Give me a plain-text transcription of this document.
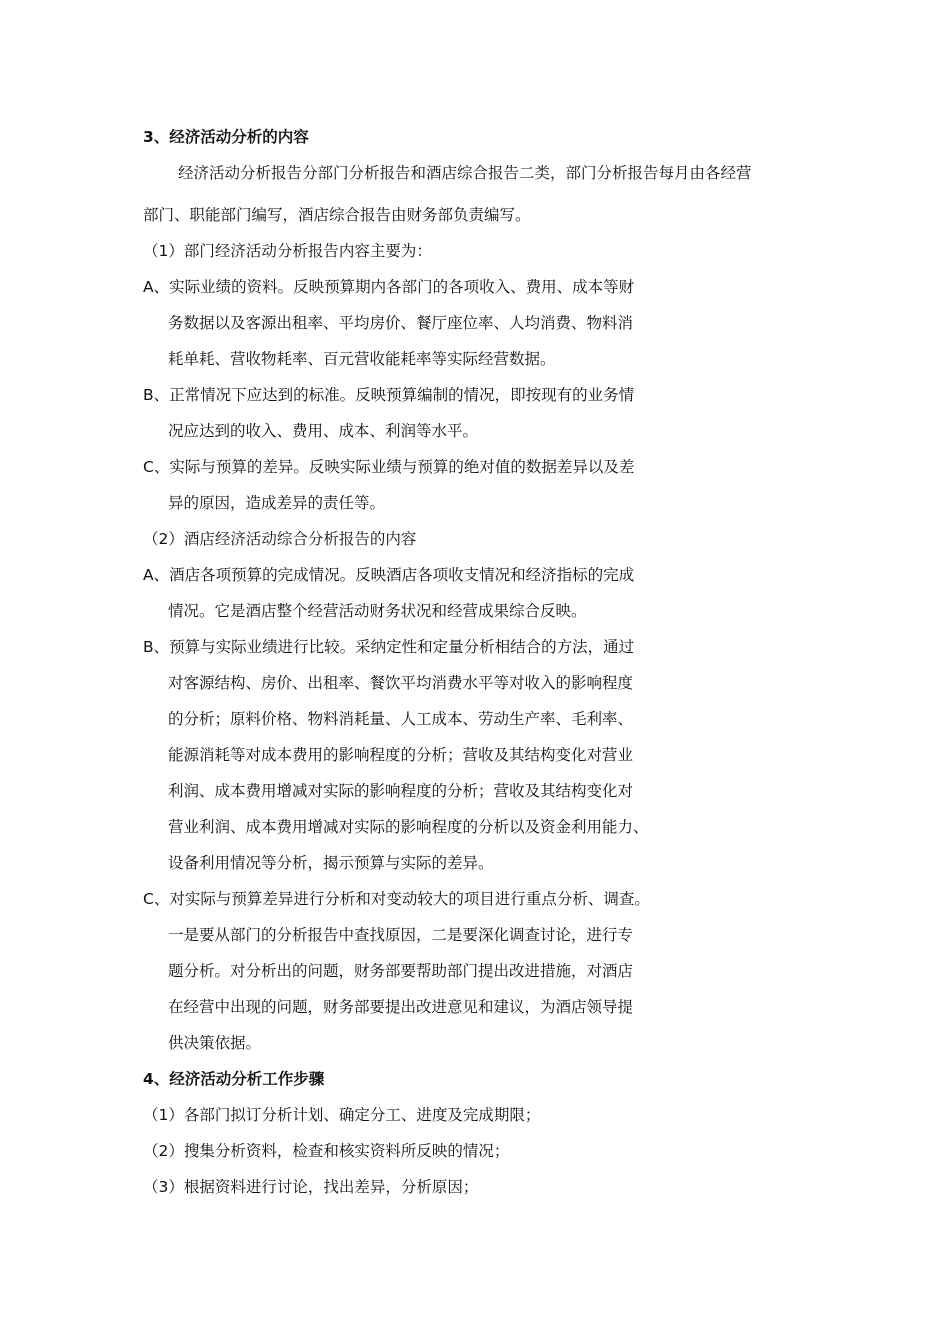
3、经济活动分析的内容
经济活动分析报告分部门分析报告和酒店综合报告二类，部门分析报告每月由各经营
部门、职能部门编写，酒店综合报告由财务部负责编写。
（1）部门经济活动分析报告内容主要为：
A、实际业绩的资料。反映预算期内各部门的各项收入、费用、成本等财
务数据以及客源出租率、平均房价、餐厅座位率、人均消费、物料消
耗单耗、营收物耗率、百元营收能耗率等实际经营数据。
B、正常情况下应达到的标准。反映预算编制的情况，即按现有的业务情
况应达到的收入、费用、成本、利润等水平。
C、实际与预算的差异。反映实际业绩与预算的绝对值的数据差异以及差
异的原因，造成差异的责任等。
（2）酒店经济活动综合分析报告的内容
A、酒店各项预算的完成情况。反映酒店各项收支情况和经济指标的完成
情况。它是酒店整个经营活动财务状况和经营成果综合反映。
B、预算与实际业绩进行比较。采纳定性和定量分析相结合的方法，通过
对客源结构、房价、出租率、餐饮平均消费水平等对收入的影响程度
的分析；原料价格、物料消耗量、人工成本、劳动生产率、毛利率、
能源消耗等对成本费用的影响程度的分析；营收及其结构变化对营业
利润、成本费用增减对实际的影响程度的分析；营收及其结构变化对
营业利润、成本费用增减对实际的影响程度的分析以及资金利用能力、
设备利用情况等分析，揭示预算与实际的差异。
C、对实际与预算差异进行分析和对变动较大的项目进行重点分析、调查。
一是要从部门的分析报告中查找原因，二是要深化调查讨论，进行专
题分析。对分析出的问题，财务部要帮助部门提出改进措施，对酒店
在经营中出现的问题，财务部要提出改进意见和建议，为酒店领导提
供决策依据。
4、经济活动分析工作步骤
（1）各部门拟订分析计划、确定分工、进度及完成期限；
（2）搜集分析资料，检查和核实资料所反映的情况；
（3）根据资料进行讨论，找出差异，分析原因；
